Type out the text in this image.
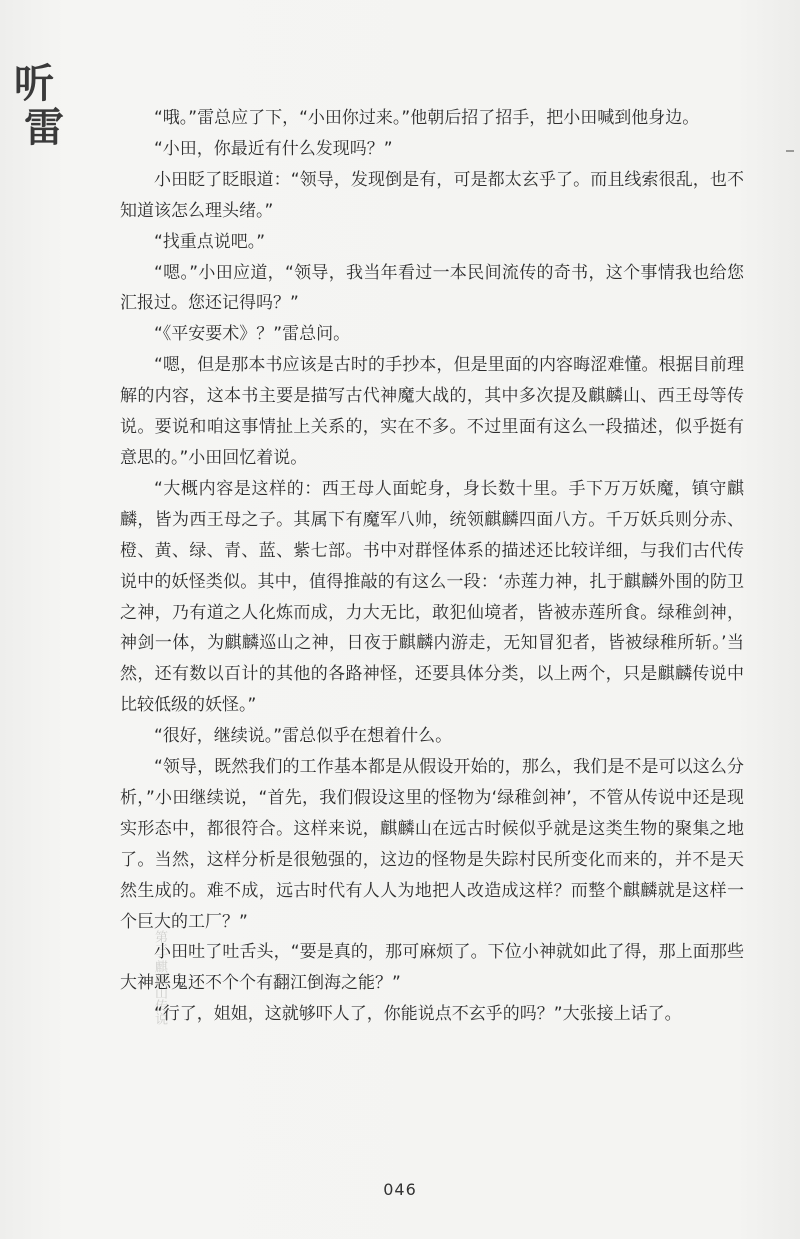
听
雷
第三 麒麟山传说

“哦。”雷总应了下，“小田你过来。”他朝后招了招手，把小田喊到他身边。

“小田，你最近有什么发现吗？”

小田眨了眨眼道：“领导，发现倒是有，可是都太玄乎了。而且线索很乱，也不知道该怎么理头绪。”

“找重点说吧。”

“嗯。”小田应道，“领导，我当年看过一本民间流传的奇书，这个事情我也给您汇报过。您还记得吗？”

“《平安要术》？”雷总问。

“嗯，但是那本书应该是古时的手抄本，但是里面的内容晦涩难懂。根据目前理解的内容，这本书主要是描写古代神魔大战的，其中多次提及麒麟山、西王母等传说。要说和咱这事情扯上关系的，实在不多。不过里面有这么一段描述，似乎挺有意思的。”小田回忆着说。

“大概内容是这样的：西王母人面蛇身，身长数十里。手下万万妖魔，镇守麒麟，皆为西王母之子。其属下有魔军八帅，统领麒麟四面八方。千万妖兵则分赤、橙、黄、绿、青、蓝、紫七部。书中对群怪体系的描述还比较详细，与我们古代传说中的妖怪类似。其中，值得推敲的有这么一段：‘赤莲力神，扎于麒麟外围的防卫之神，乃有道之人化炼而成，力大无比，敢犯仙境者，皆被赤莲所食。绿稚剑神，神剑一体，为麒麟巡山之神，日夜于麒麟内游走，无知冒犯者，皆被绿稚所斩。’当然，还有数以百计的其他的各路神怪，还要具体分类，以上两个，只是麒麟传说中比较低级的妖怪。”

“很好，继续说。”雷总似乎在想着什么。

“领导，既然我们的工作基本都是从假设开始的，那么，我们是不是可以这么分析，”小田继续说，“首先，我们假设这里的怪物为‘绿稚剑神’，不管从传说中还是现实形态中，都很符合。这样来说，麒麟山在远古时候似乎就是这类生物的聚集之地了。当然，这样分析是很勉强的，这边的怪物是失踪村民所变化而来的，并不是天然生成的。难不成，远古时代有人人为地把人改造成这样？而整个麒麟就是这样一个巨大的工厂？”

小田吐了吐舌头，“要是真的，那可麻烦了。下位小神就如此了得，那上面那些大神恶鬼还不个个有翻江倒海之能？”

“行了，姐姐，这就够吓人了，你能说点不玄乎的吗？”大张接上话了。

046
